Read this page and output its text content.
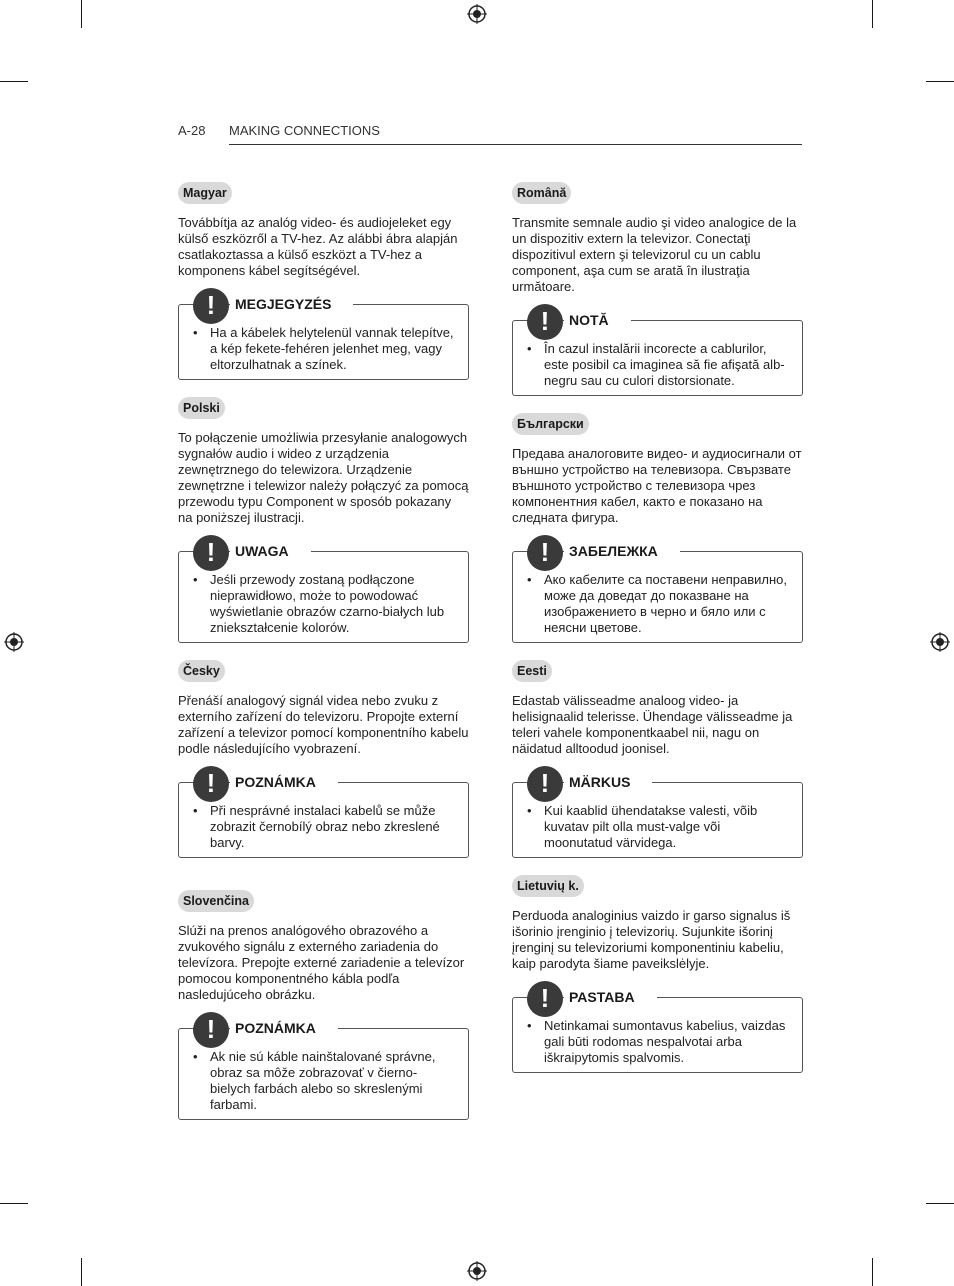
A-28 MAKING CONNECTIONS
Magyar
Továbbítja az analóg video- és audiojeleket egy külső eszközről a TV-hez. Az alábbi ábra alapján csatlakoztassa a külső eszközt a TV-hez a komponens kábel segítségével.
!	MEGJEGYZÉS
• Ha a kábelek helytelenül vannak telepítve, a kép fekete-fehéren jelenhet meg, vagy eltorzulhatnak a színek.
Polski
To połączenie umożliwia przesyłanie analogowych sygnałów audio i wideo z urządzenia zewnętrznego do telewizora. Urządzenie zewnętrzne i telewizor należy połączyć za pomocą przewodu typu Component w sposób pokazany na poniższej ilustracji.
!	UWAGA
• Jeśli przewody zostaną podłączone nieprawidłowo, może to powodować wyświetlanie obrazów czarno-białych lub zniekształcenie kolorów.
Česky
Přenáší analogový signál videa nebo zvuku z externího zařízení do televizoru. Propojte externí zařízení a televizor pomocí komponentního kabelu podle následujícího vyobrazení.
!	POZNÁMKA
• Při nesprávné instalaci kabelů se může zobrazit černobílý obraz nebo zkreslené barvy.
Slovenčina
Slúži na prenos analógového obrazového a zvukového signálu z externého zariadenia do televízora. Prepojte externé zariadenie a televízor pomocou komponentného kábla podľa nasledujúceho obrázku.
!	POZNÁMKA
• Ak nie sú káble nainštalované správne, obraz sa môže zobrazovať v čierno-bielych farbách alebo so skreslenými farbami.
Română
Transmite semnale audio şi video analogice de la un dispozitiv extern la televizor. Conectaţi dispozitivul extern şi televizorul cu un cablu component, aşa cum se arată în ilustraţia următoare.
!	NOTĂ
• În cazul instalării incorecte a cablurilor, este posibil ca imaginea să fie afişată alb-negru sau cu culori distorsionate.
Български
Предава аналоговите видео- и аудиосигнали от външно устройство на телевизора. Свързвате външното устройство с телевизора чрез компонентния кабел, както е показано на следната фигура.
!	ЗАБЕЛЕЖКА
• Ако кабелите са поставени неправилно, може да доведат до показване на изображението в черно и бяло или с неясни цветове.
Eesti
Edastab välisseadme analoog video- ja helisignaalid telerisse. Ühendage välisseadme ja teleri vahele komponentkaabel nii, nagu on näidatud alltoodud joonisel.
!	MÄRKUS
• Kui kaablid ühendatakse valesti, võib kuvatav pilt olla must-valge või moonutatud värvidega.
Lietuvių k.
Perduoda analoginius vaizdo ir garso signalus iš išorinio įrenginio į televizorių. Sujunkite išorinį įrenginį su televizoriumi komponentiniu kabeliu, kaip parodyta šiame paveikslėlyje.
!	PASTABA
• Netinkamai sumontavus kabelius, vaizdas gali būti rodomas nespalvotai arba iškraipytomis spalvomis.
